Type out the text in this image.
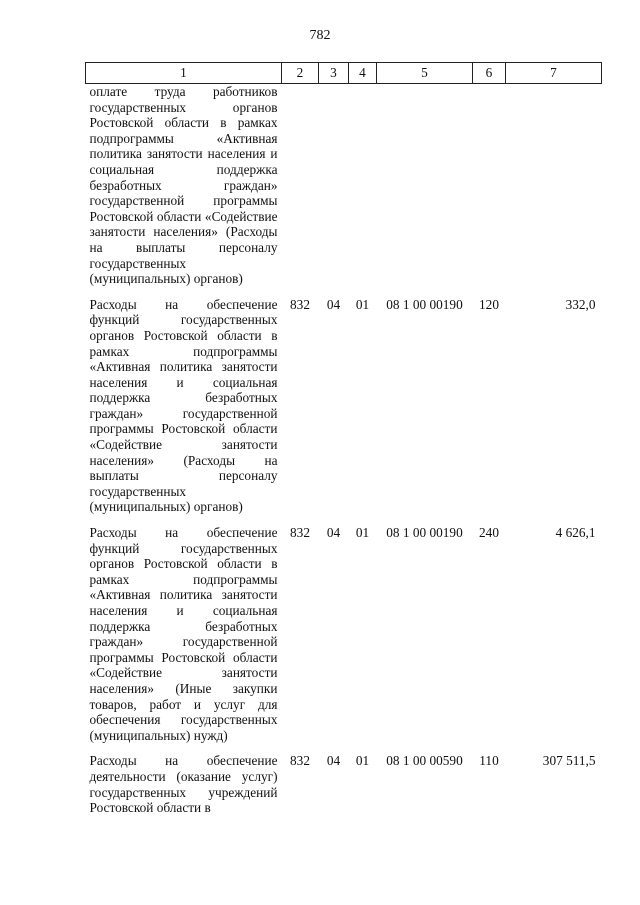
782
1	2	3	4	5	6	7
оплате труда работников государственных органов Ростовской области в рамках подпрограммы «Активная политика занятости населения и социальная поддержка безработных граждан» государственной программы Ростовской области «Содействие занятости населения» (Расходы на выплаты персоналу государственных (муниципальных) органов)						
Расходы на обеспечение функций государственных органов Ростовской области в рамках подпрограммы «Активная политика занятости населения и социальная поддержка безработных граждан» государственной программы Ростовской области «Содействие занятости населения» (Расходы на выплаты персоналу государственных (муниципальных) органов)	832	04	01	08 1 00 00190	120	332,0
Расходы на обеспечение функций государственных органов Ростовской области в рамках подпрограммы «Активная политика занятости населения и социальная поддержка безработных граждан» государственной программы Ростовской области «Содействие занятости населения» (Иные закупки товаров, работ и услуг для обеспечения государственных (муниципальных) нужд)	832	04	01	08 1 00 00190	240	4 626,1
Расходы на обеспечение деятельности (оказание услуг) государственных учреждений Ростовской области в	832	04	01	08 1 00 00590	110	307 511,5
